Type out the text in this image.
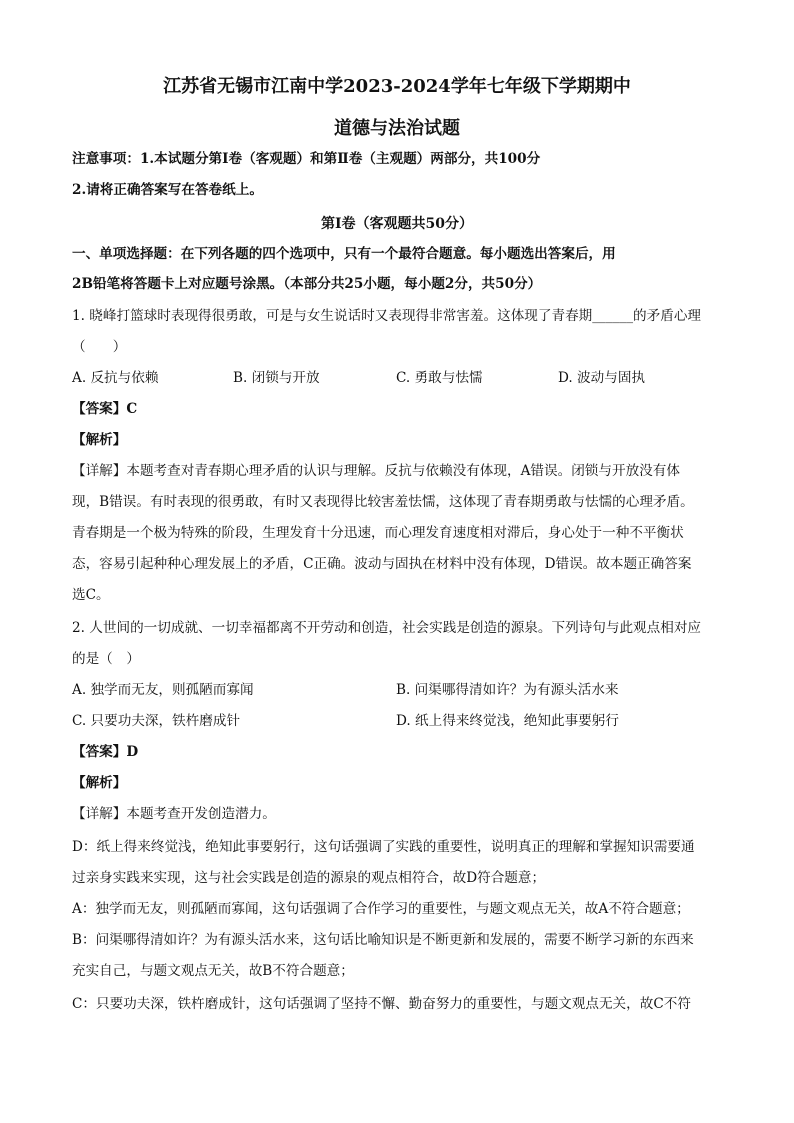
江苏省无锡市江南中学2023-2024学年七年级下学期期中
道德与法治试题
注意事项：1.本试题分第Ⅰ卷（客观题）和第Ⅱ卷（主观题）两部分，共100分
2.请将正确答案写在答卷纸上。
第Ⅰ卷（客观题共50分）
一、单项选择题：在下列各题的四个选项中，只有一个最符合题意。每小题选出答案后，用
2B铅笔将答题卡上对应题号涂黑。（本部分共25小题，每小题2分，共50分）
1. 晓峰打篮球时表现得很勇敢，可是与女生说话时又表现得非常害羞。这体现了青春期______的矛盾心理
（　　）
A. 反抗与依赖	B. 闭锁与开放	C. 勇敢与怯懦	D. 波动与固执
【答案】C
【解析】
【详解】本题考查对青春期心理矛盾的认识与理解。反抗与依赖没有体现，A错误。闭锁与开放没有体
现，B错误。有时表现的很勇敢，有时又表现得比较害羞怯懦，这体现了青春期勇敢与怯懦的心理矛盾。
青春期是一个极为特殊的阶段，生理发育十分迅速，而心理发育速度相对滞后，身心处于一种不平衡状
态，容易引起种种心理发展上的矛盾，C正确。波动与固执在材料中没有体现，D错误。故本题正确答案
选C。
2. 人世间的一切成就、一切幸福都离不开劳动和创造，社会实践是创造的源泉。下列诗句与此观点相对应
的是（　）
A. 独学而无友，则孤陋而寡闻	B. 问渠哪得清如许？为有源头活水来
C. 只要功夫深，铁杵磨成针	D. 纸上得来终觉浅，绝知此事要躬行
【答案】D
【解析】
【详解】本题考查开发创造潜力。
D：纸上得来终觉浅，绝知此事要躬行，这句话强调了实践的重要性，说明真正的理解和掌握知识需要通
过亲身实践来实现，这与社会实践是创造的源泉的观点相符合，故D符合题意；
A：独学而无友，则孤陋而寡闻，这句话强调了合作学习的重要性，与题文观点无关，故A不符合题意；
B：问渠哪得清如许？为有源头活水来，这句话比喻知识是不断更新和发展的，需要不断学习新的东西来
充实自己，与题文观点无关，故B不符合题意；
C：只要功夫深，铁杵磨成针，这句话强调了坚持不懈、勤奋努力的重要性，与题文观点无关，故C不符
